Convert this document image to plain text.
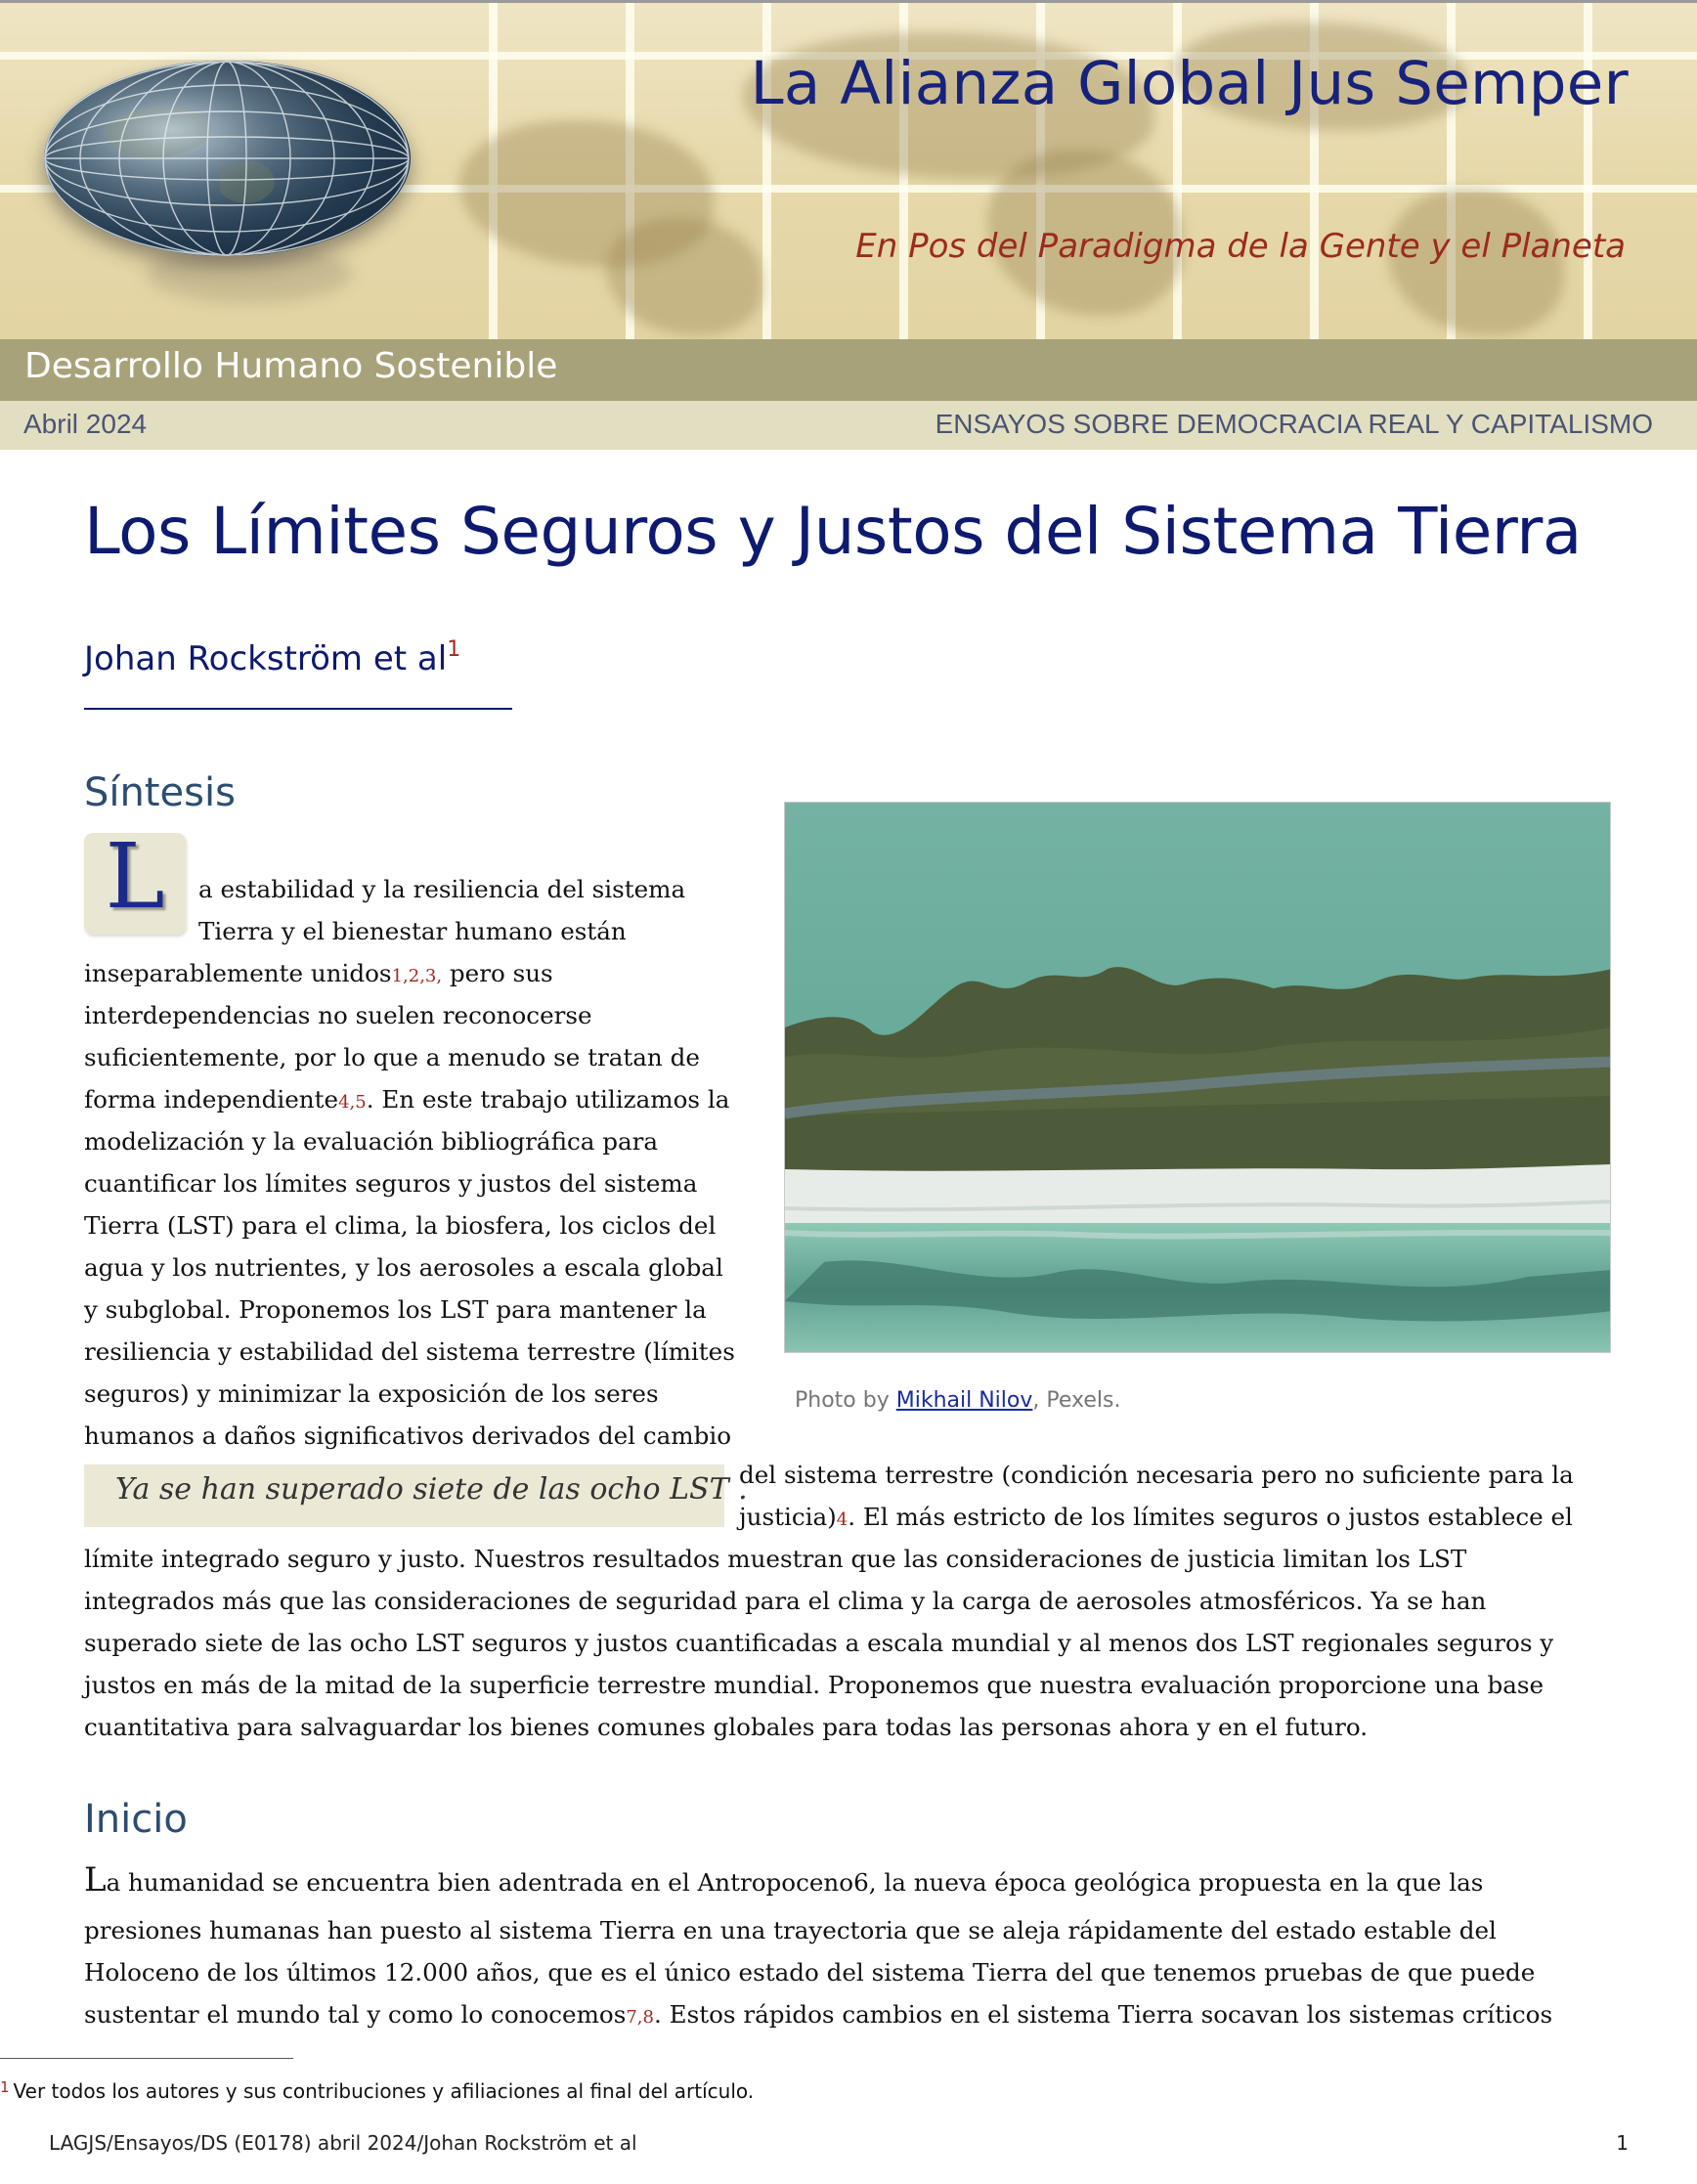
La Alianza Global Jus Semper
En Pos del Paradigma de la Gente y el Planeta
Desarrollo Humano Sostenible
Abril 2024	ENSAYOS SOBRE DEMOCRACIA REAL Y CAPITALISMO
Los Límites Seguros y Justos del Sistema Tierra
Johan Rockström et $al^1$
Síntesis
L	a estabilidad y la resiliencia del sistema
Tierra y el bienestar humano están
inseparablemente unidos1,2,3, pero sus
interdependencias no suelen reconocerse
suficientemente, por lo que a menudo se tratan de
forma independiente4,5. En este trabajo utilizamos la
modelización y la evaluación bibliográfica para
cuantificar los límites seguros y justos del sistema
Tierra (LST) para el clima, la biosfera, los ciclos del
agua y los nutrientes, y los aerosoles a escala global
y subglobal. Proponemos los LST para mantener la
resiliencia y estabilidad del sistema terrestre (límites
seguros) y minimizar la exposición de los seres
humanos a daños significativos derivados del cambio
del sistema terrestre (condición necesaria pero no suficiente para la
justicia)4. El más estricto de los límites seguros o justos establece el
límite integrado seguro y justo. Nuestros resultados muestran que las consideraciones de justicia limitan los LST
integrados más que las consideraciones de seguridad para el clima y la carga de aerosoles atmosféricos. Ya se han
superado siete de las ocho LST seguros y justos cuantificadas a escala mundial y al menos dos LST regionales seguros y
justos en más de la mitad de la superficie terrestre mundial. Proponemos que nuestra evaluación proporcione una base
cuantitativa para salvaguardar los bienes comunes globales para todas las personas ahora y en el futuro.
Photo by Mikhail Nilov, Pexels.
Ya se han superado siete de las ocho LST .
Inicio
La humanidad se encuentra bien adentrada en el Antropoceno6, la nueva época geológica propuesta en la que las
presiones humanas han puesto al sistema Tierra en una trayectoria que se aleja rápidamente del estado estable del
Holoceno de los últimos 12.000 años, que es el único estado del sistema Tierra del que tenemos pruebas de que puede
sustentar el mundo tal y como lo conocemos7,8. Estos rápidos cambios en el sistema Tierra socavan los sistemas críticos
$^1$ Ver todos los autores y sus contribuciones y afiliaciones al final del artículo.
LAGJS/Ensayos/DS (E0178) abril 2024/Johan Rockström et al	1
